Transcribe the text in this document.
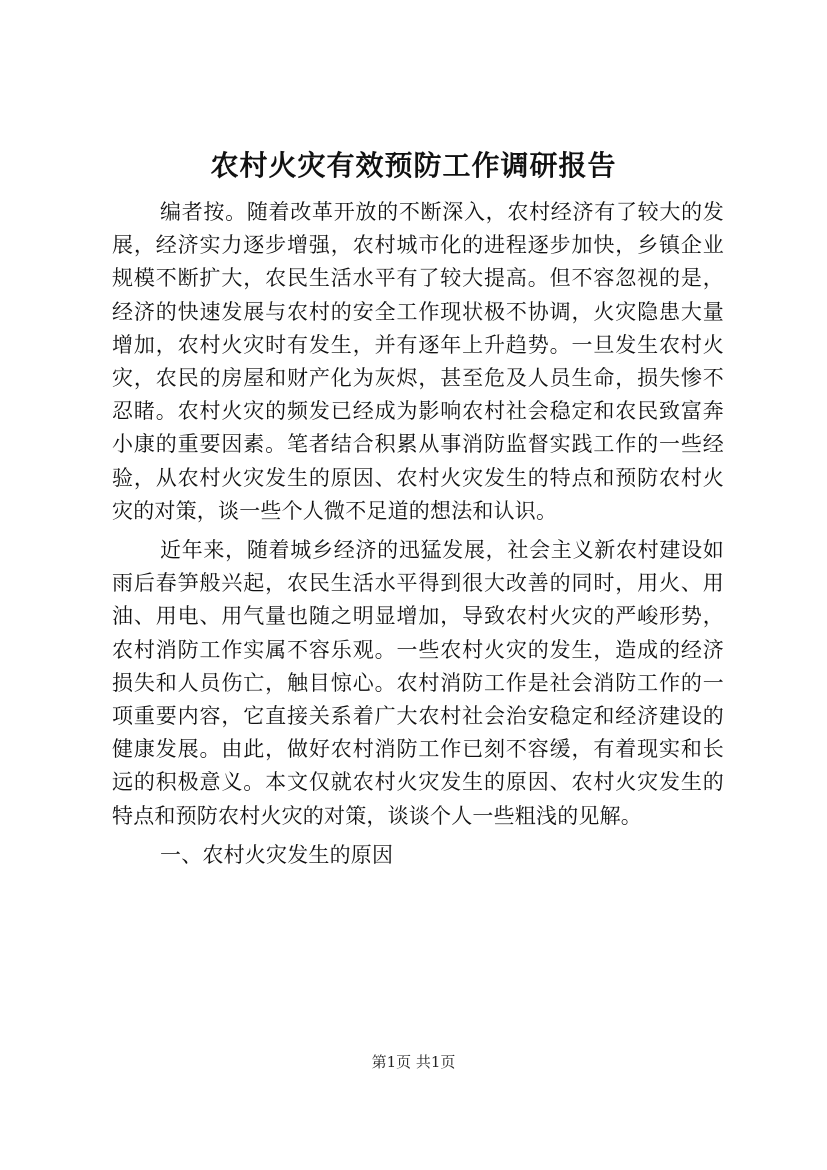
农村火灾有效预防工作调研报告

编者按。随着改革开放的不断深入，农村经济有了较大的发展，经济实力逐步增强，农村城市化的进程逐步加快，乡镇企业规模不断扩大，农民生活水平有了较大提高。但不容忽视的是，经济的快速发展与农村的安全工作现状极不协调，火灾隐患大量增加，农村火灾时有发生，并有逐年上升趋势。一旦发生农村火灾，农民的房屋和财产化为灰烬，甚至危及人员生命，损失惨不忍睹。农村火灾的频发已经成为影响农村社会稳定和农民致富奔小康的重要因素。笔者结合积累从事消防监督实践工作的一些经验，从农村火灾发生的原因、农村火灾发生的特点和预防农村火灾的对策，谈一些个人微不足道的想法和认识。

近年来，随着城乡经济的迅猛发展，社会主义新农村建设如雨后春笋般兴起，农民生活水平得到很大改善的同时，用火、用油、用电、用气量也随之明显增加，导致农村火灾的严峻形势，农村消防工作实属不容乐观。一些农村火灾的发生，造成的经济损失和人员伤亡，触目惊心。农村消防工作是社会消防工作的一项重要内容，它直接关系着广大农村社会治安稳定和经济建设的健康发展。由此，做好农村消防工作已刻不容缓，有着现实和长远的积极意义。本文仅就农村火灾发生的原因、农村火灾发生的特点和预防农村火灾的对策，谈谈个人一些粗浅的见解。

一、农村火灾发生的原因

第1页 共1页
